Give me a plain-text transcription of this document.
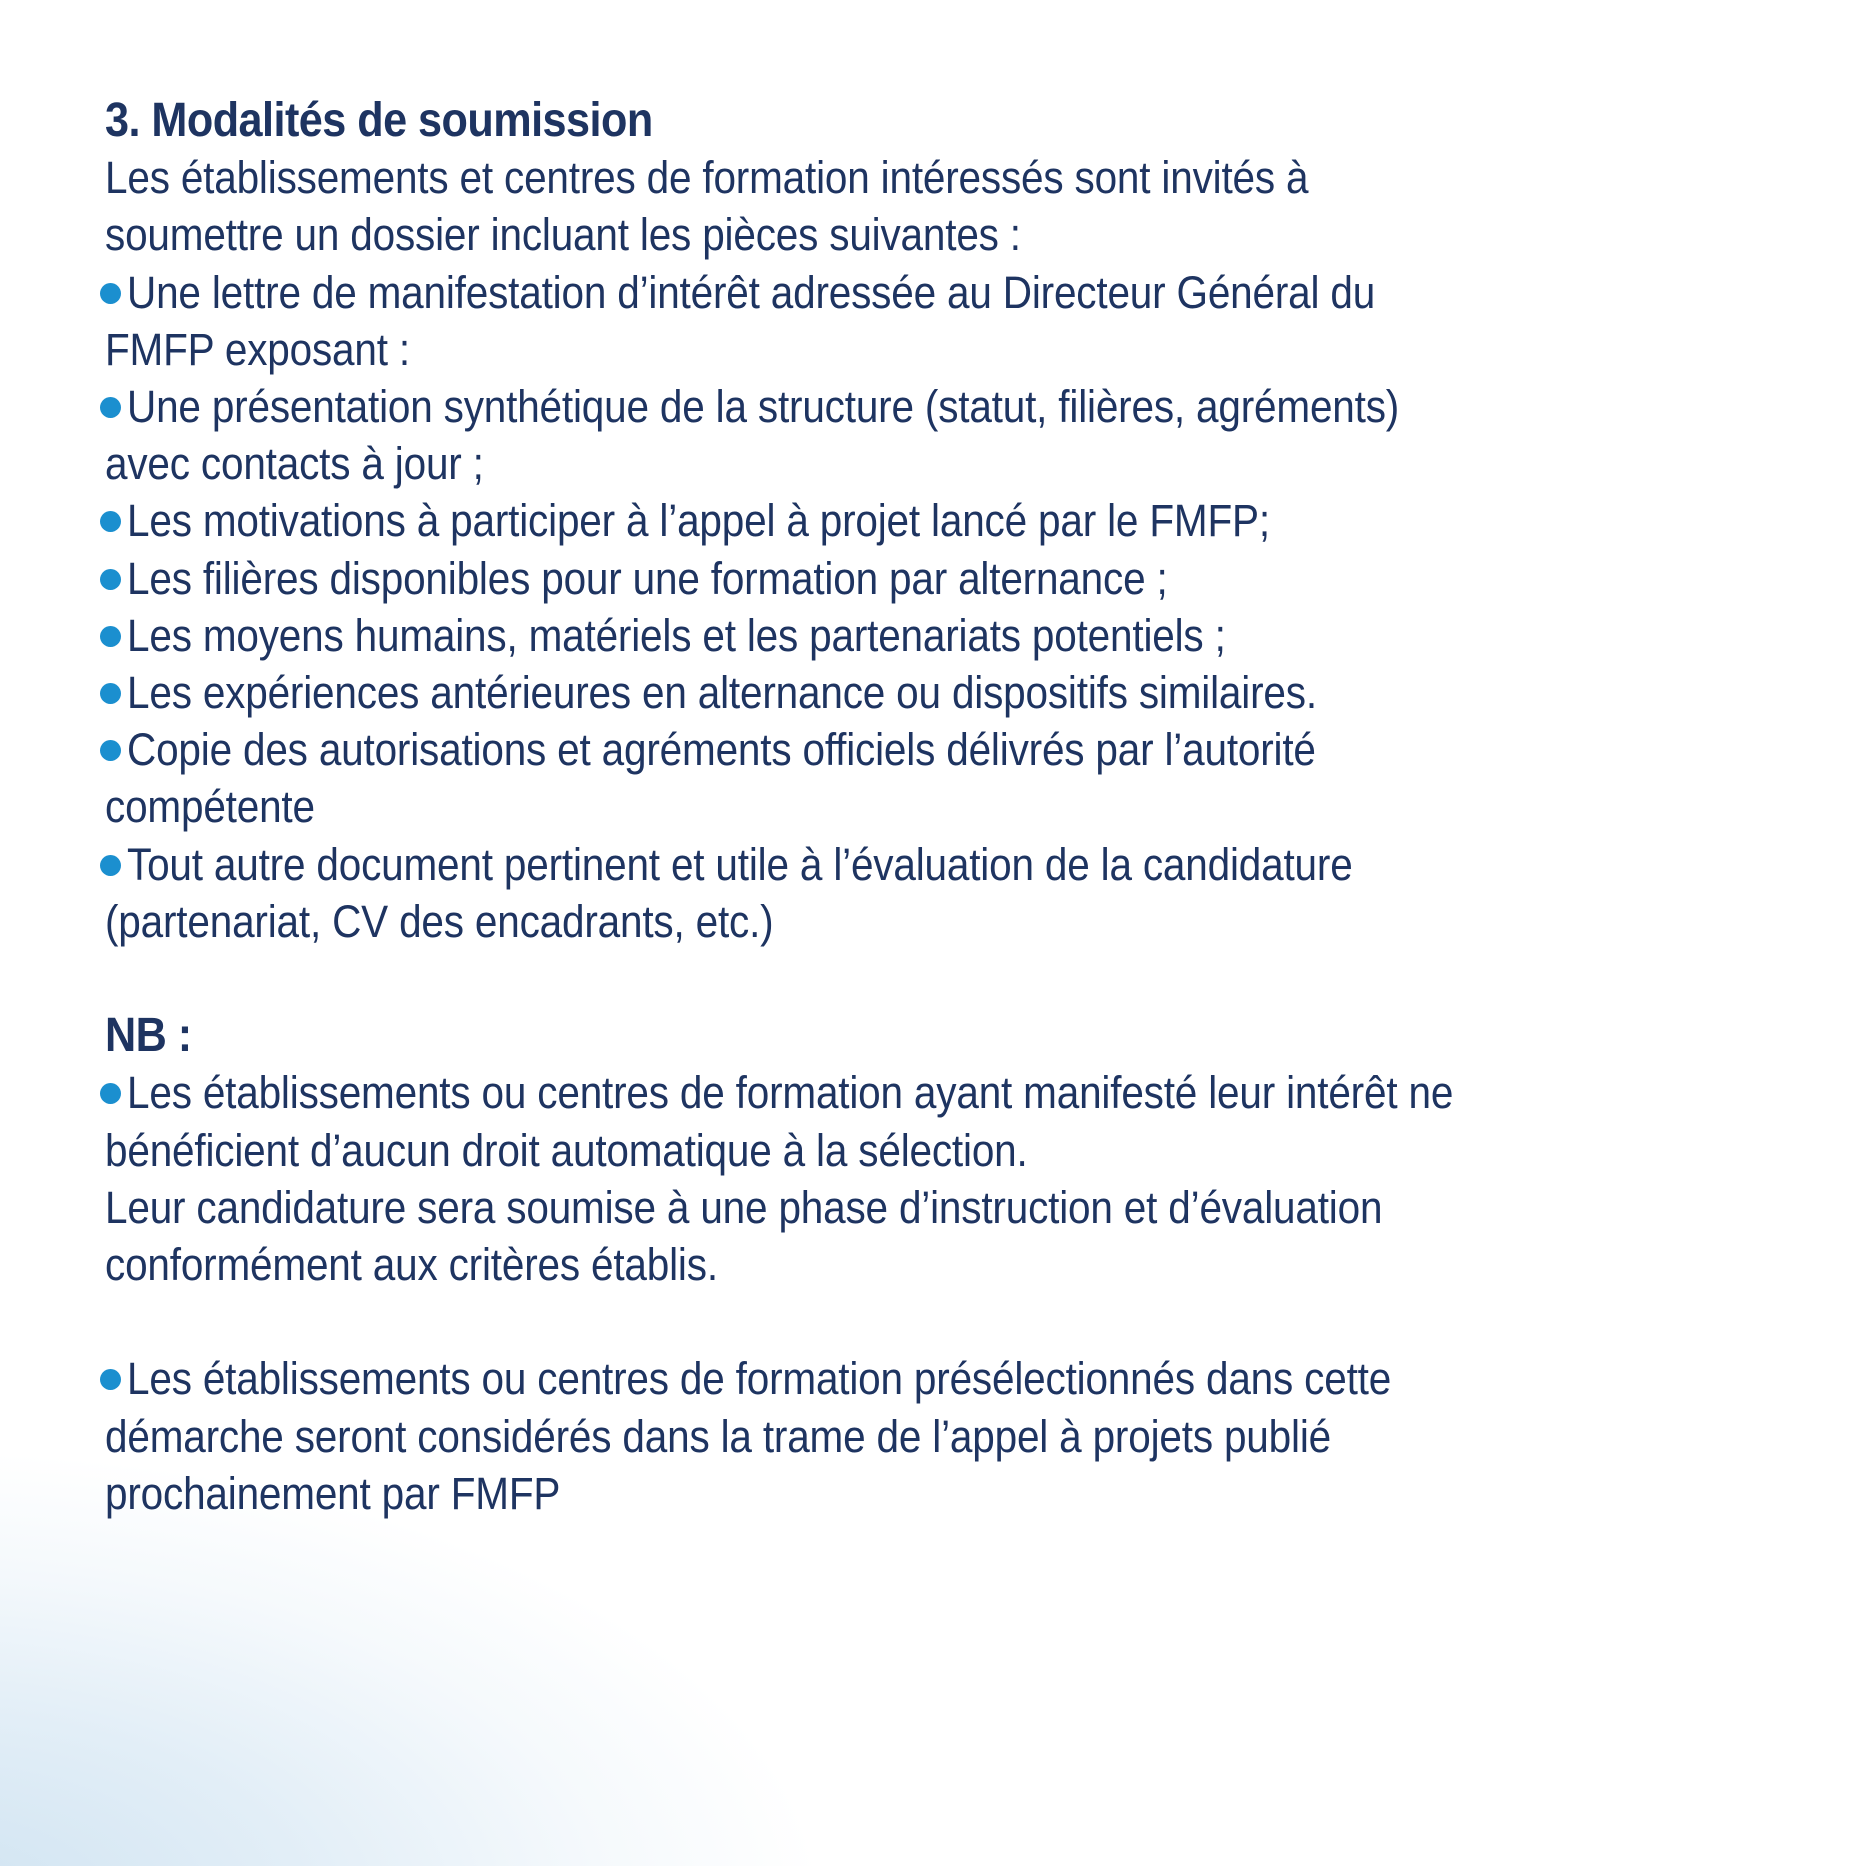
3. Modalités de soumission
Les établissements et centres de formation intéressés sont invités à
soumettre un dossier incluant les pièces suivantes :
Une lettre de manifestation d’intérêt adressée au Directeur Général du
FMFP exposant :
Une présentation synthétique de la structure (statut, filières, agréments)
avec contacts à jour ;
Les motivations à participer à l’appel à projet lancé par le FMFP;
Les filières disponibles pour une formation par alternance ;
Les moyens humains, matériels et les partenariats potentiels ;
Les expériences antérieures en alternance ou dispositifs similaires.
Copie des autorisations et agréments officiels délivrés par l’autorité
compétente
Tout autre document pertinent et utile à l’évaluation de la candidature
(partenariat, CV des encadrants, etc.)
NB :
Les établissements ou centres de formation ayant manifesté leur intérêt ne
bénéficient d’aucun droit automatique à la sélection.
Leur candidature sera soumise à une phase d’instruction et d’évaluation
conformément aux critères établis.
Les établissements ou centres de formation présélectionnés dans cette
démarche seront considérés dans la trame de l’appel à projets publié
prochainement par FMFP
